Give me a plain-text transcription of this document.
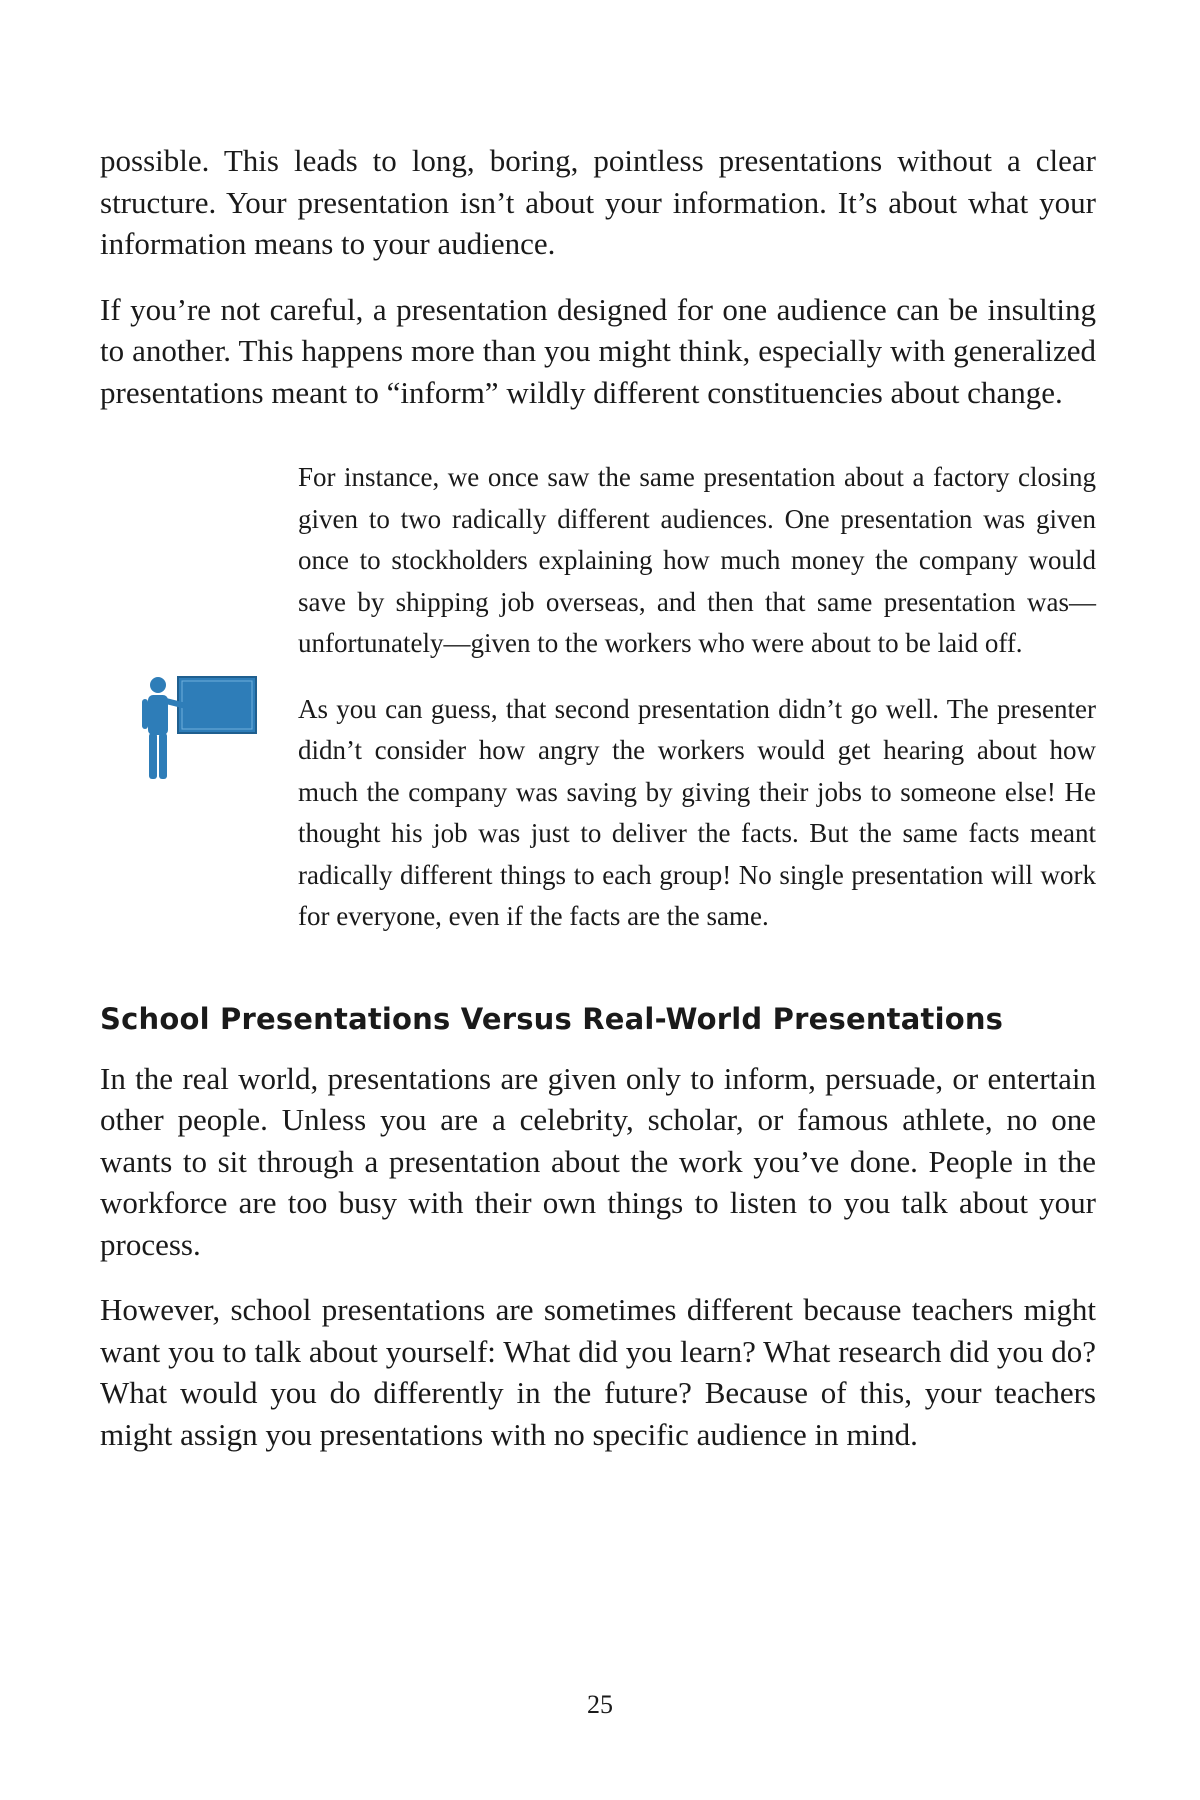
possible. This leads to long, boring, pointless presentations without a clear structure. Your presentation isn’t about your information. It’s about what your information means to your audience.

If you’re not careful, a presentation designed for one audience can be insulting to another. This happens more than you might think, especially with generalized presentations meant to “inform” wildly different constituencies about change.

For instance, we once saw the same presentation about a factory closing given to two radically different audiences. One presentation was given once to stockholders explaining how much money the company would save by shipping job overseas, and then that same presentation was—unfortunately—given to the workers who were about to be laid off.

As you can guess, that second presentation didn’t go well. The presenter didn’t consider how angry the workers would get hearing about how much the company was saving by giving their jobs to someone else! He thought his job was just to deliver the facts. But the same facts meant radically different things to each group! No single presentation will work for everyone, even if the facts are the same.

School Presentations Versus Real-World Presentations

In the real world, presentations are given only to inform, persuade, or entertain other people. Unless you are a celebrity, scholar, or famous athlete, no one wants to sit through a presentation about the work you’ve done. People in the workforce are too busy with their own things to listen to you talk about your process.

However, school presentations are sometimes different because teachers might want you to talk about yourself: What did you learn? What research did you do? What would you do differently in the future? Because of this, your teachers might assign you presentations with no specific audience in mind.

25
